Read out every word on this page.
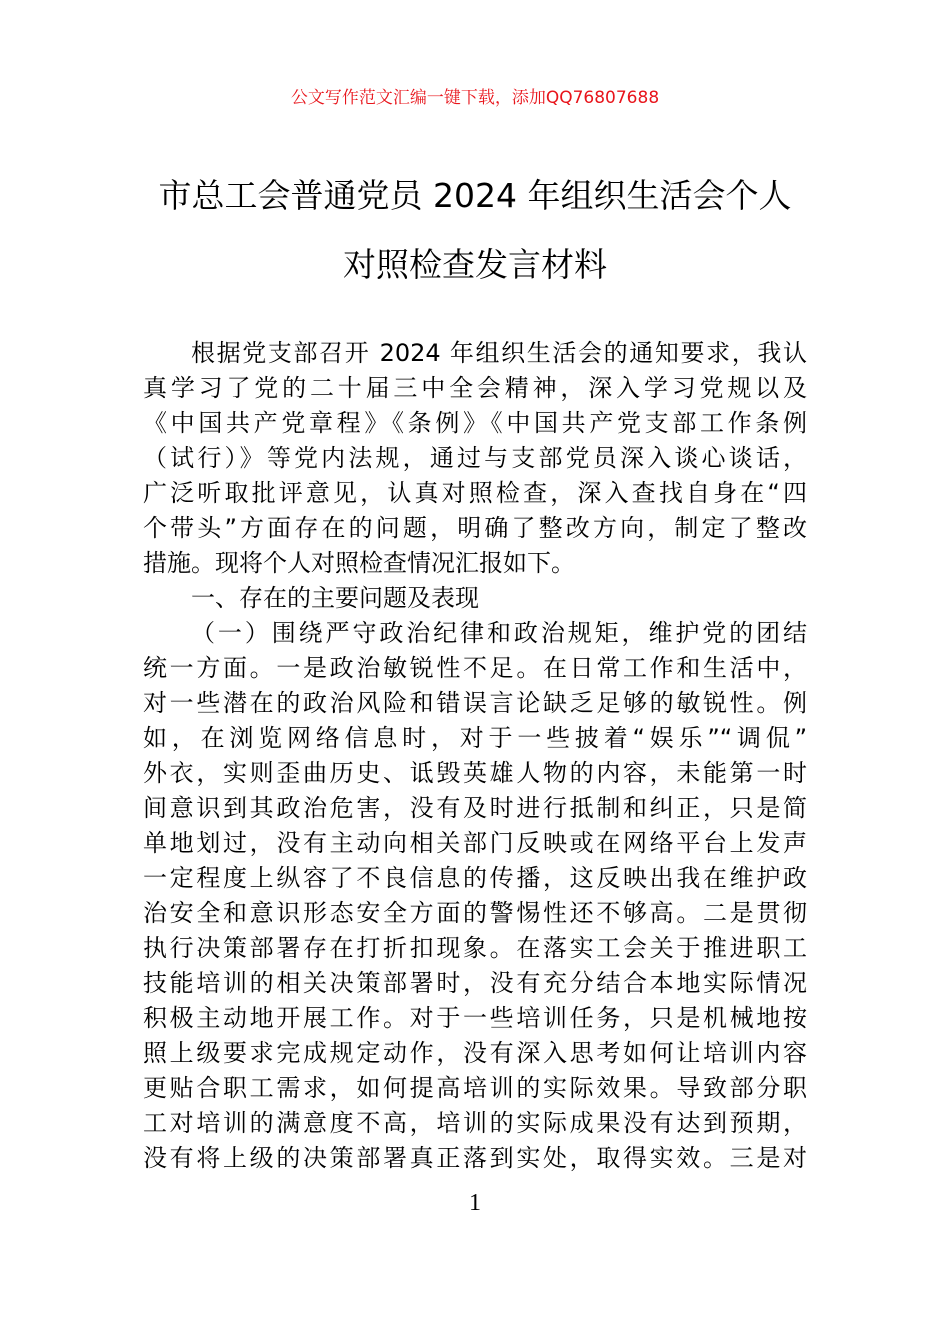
公文写作范文汇编一键下载，添加QQ76807688
市总工会普通党员 2024 年组织生活会个人
对照检查发言材料
根据党支部召开 2024 年组织生活会的通知要求，我认
真学习了党的二十届三中全会精神，深入学习党规以及
《中国共产党章程》《条例》《中国共产党支部工作条例
（试行）》等党内法规，通过与支部党员深入谈心谈话，
广泛听取批评意见，认真对照检查，深入查找自身在“四
个带头”方面存在的问题，明确了整改方向，制定了整改
措施。现将个人对照检查情况汇报如下。
一、存在的主要问题及表现
（一）围绕严守政治纪律和政治规矩，维护党的团结
统一方面。一是政治敏锐性不足。在日常工作和生活中，
对一些潜在的政治风险和错误言论缺乏足够的敏锐性。例
如，在浏览网络信息时，对于一些披着“娱乐”“调侃”
外衣，实则歪曲历史、诋毁英雄人物的内容，未能第一时
间意识到其政治危害，没有及时进行抵制和纠正，只是简
单地划过，没有主动向相关部门反映或在网络平台上发声
一定程度上纵容了不良信息的传播，这反映出我在维护政
治安全和意识形态安全方面的警惕性还不够高。二是贯彻
执行决策部署存在打折扣现象。在落实工会关于推进职工
技能培训的相关决策部署时，没有充分结合本地实际情况
积极主动地开展工作。对于一些培训任务，只是机械地按
照上级要求完成规定动作，没有深入思考如何让培训内容
更贴合职工需求，如何提高培训的实际效果。导致部分职
工对培训的满意度不高，培训的实际成果没有达到预期，
没有将上级的决策部署真正落到实处，取得实效。三是对
1
